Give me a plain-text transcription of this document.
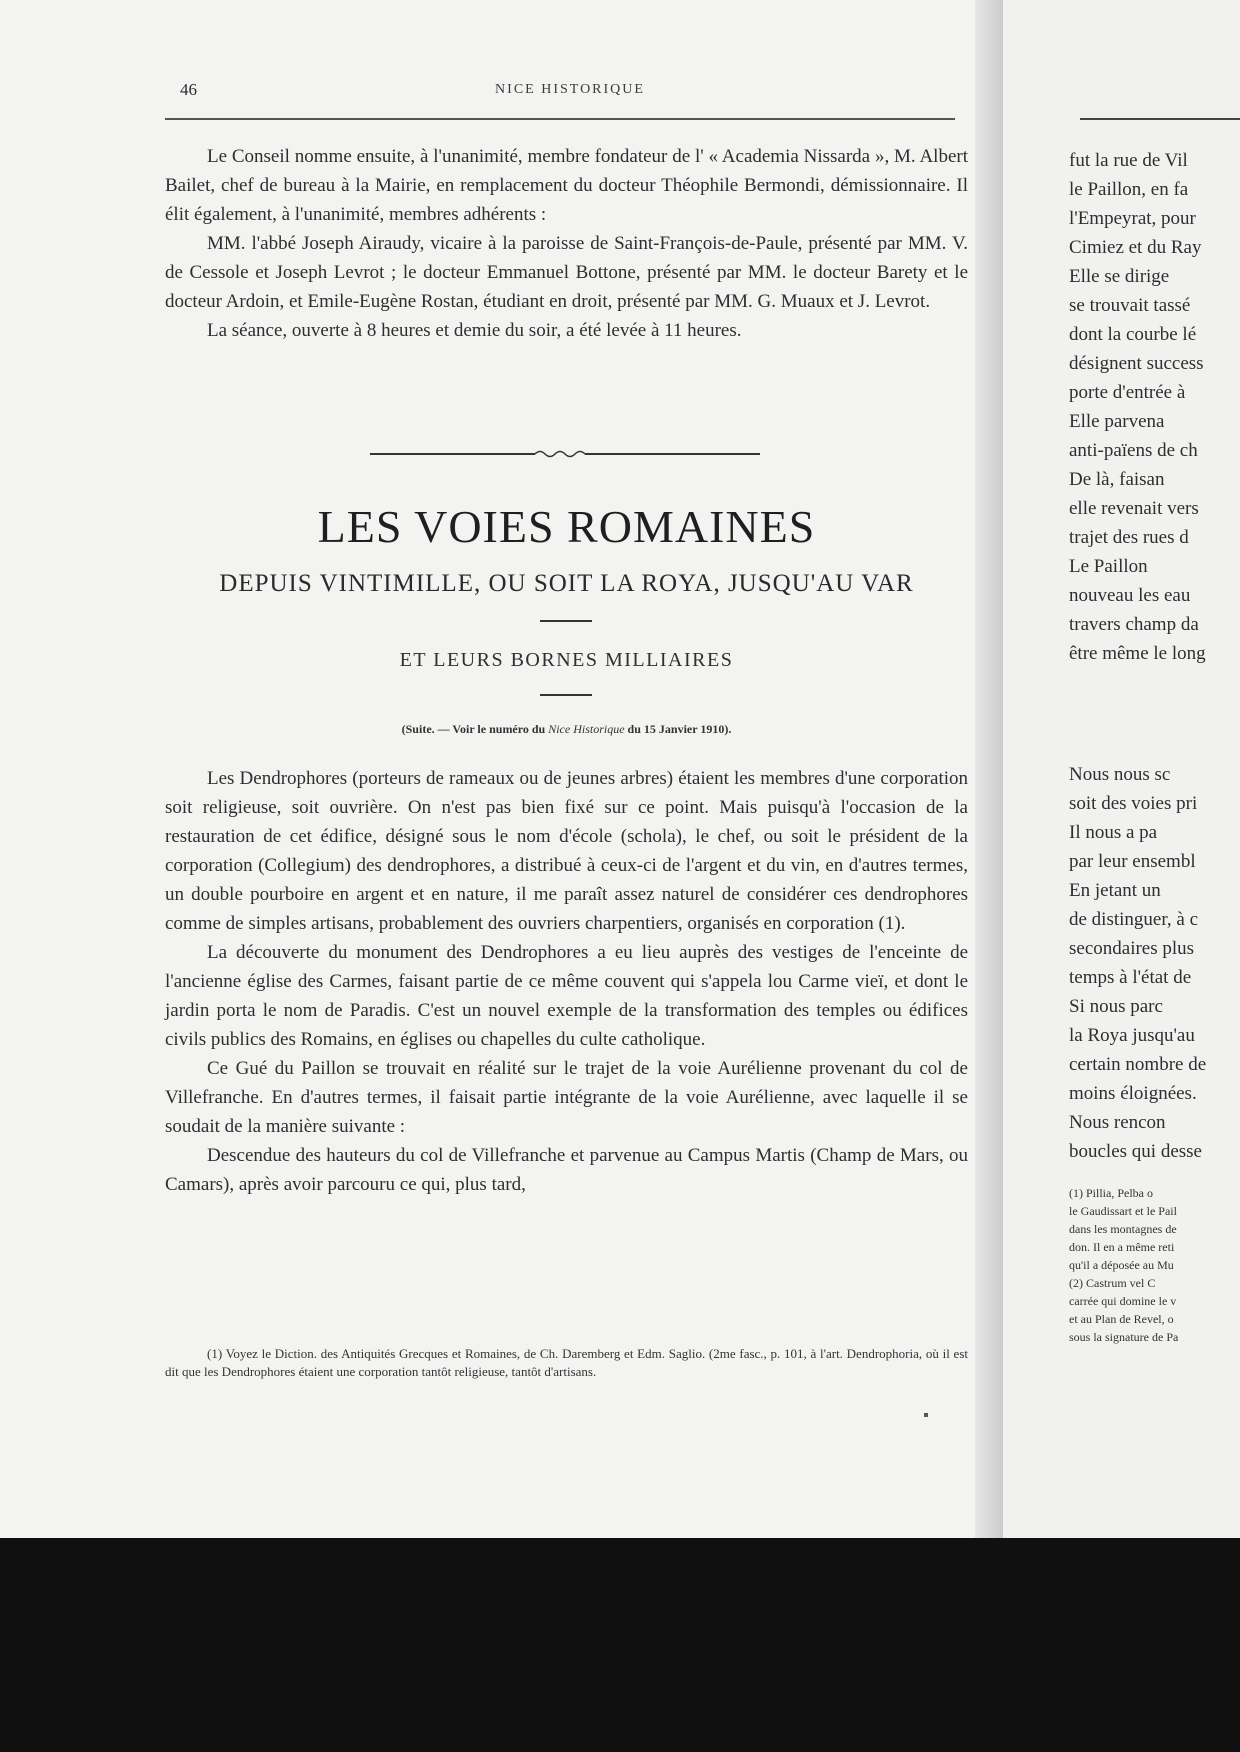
46	NICE HISTORIQUE

Le Conseil nomme ensuite, à l'unanimité, membre fondateur de l' « Academia Nissarda », M. Albert Bailet, chef de bureau à la Mairie, en remplacement du docteur Théophile Bermondi, démissionnaire. Il élit également, à l'unanimité, membres adhérents :

MM. l'abbé Joseph Airaudy, vicaire à la paroisse de Saint-François-de-Paule, présenté par MM. V. de Cessole et Joseph Levrot ; le docteur Emmanuel Bottone, présenté par MM. le docteur Barety et le docteur Ardoin, et Emile-Eugène Rostan, étudiant en droit, présenté par MM. G. Muaux et J. Levrot.

La séance, ouverte à 8 heures et demie du soir, a été levée à 11 heures.

LES VOIES ROMAINES
DEPUIS VINTIMILLE, OU SOIT LA ROYA, JUSQU'AU VAR
ET LEURS BORNES MILLIAIRES
(Suite. — Voir le numéro du Nice Historique du 15 Janvier 1910).

Les Dendrophores (porteurs de rameaux ou de jeunes arbres) étaient les membres d'une corporation soit religieuse, soit ouvrière. On n'est pas bien fixé sur ce point. Mais puisqu'à l'occasion de la restauration de cet édifice, désigné sous le nom d'école (schola), le chef, ou soit le président de la corporation (Collegium) des dendrophores, a distribué à ceux-ci de l'argent et du vin, en d'autres termes, un double pourboire en argent et en nature, il me paraît assez naturel de considérer ces dendrophores comme de simples artisans, probablement des ouvriers charpentiers, organisés en corporation (1).

La découverte du monument des Dendrophores a eu lieu auprès des vestiges de l'enceinte de l'ancienne église des Carmes, faisant partie de ce même couvent qui s'appela lou Carme vieï, et dont le jardin porta le nom de Paradis. C'est un nouvel exemple de la transformation des temples ou édifices civils publics des Romains, en églises ou chapelles du culte catholique.

Ce Gué du Paillon se trouvait en réalité sur le trajet de la voie Aurélienne provenant du col de Villefranche. En d'autres termes, il faisait partie intégrante de la voie Aurélienne, avec laquelle il se soudait de la manière suivante :

Descendue des hauteurs du col de Villefranche et parvenue au Campus Martis (Champ de Mars, ou Camars), après avoir parcouru ce qui, plus tard,

(1) Voyez le Diction. des Antiquités Grecques et Romaines, de Ch. Daremberg et Edm. Saglio. (2me fasc., p. 101, à l'art. Dendrophoria, où il est dit que les Dendrophores étaient une corporation tantôt religieuse, tantôt d'artisans.

fut la rue de Vil
le Paillon, en fa
l'Empeyrat, pour
Cimiez et du Ray
Elle se dirige
se trouvait tassé
dont la courbe lé
désignent success
porte d'entrée à
Elle parvena
anti-païens de ch
De là, faisan
elle revenait vers
trajet des rues d
Le Paillon
nouveau les eau
travers champ da
être même le long
Nous nous sc
soit des voies pri
Il nous a pa
par leur ensembl
En jetant un
de distinguer, à c
secondaires plus
temps à l'état de
Si nous parc
la Roya jusqu'au
certain nombre de
moins éloignées.
Nous rencon
boucles qui desse
(1) Pillia, Pelba o
le Gaudissart et le Pail
dans les montagnes de
don. Il en a même reti
qu'il a déposée au Mu
(2) Castrum vel C
carrée qui domine le v
et au Plan de Revel, o
sous la signature de Pa
